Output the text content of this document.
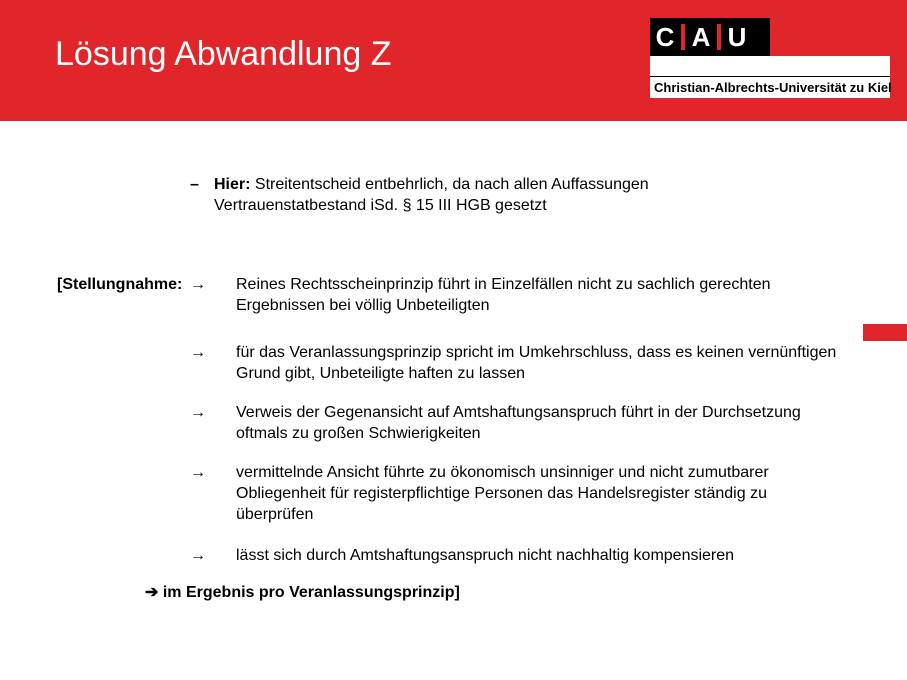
Lösung Abwandlung Z	C A U
Christian-Albrechts-Universität zu Kiel
– Hier: Streitentscheid entbehrlich, da nach allen Auffassungen Vertrauenstatbestand iSd. § 15 III HGB gesetzt
[Stellungnahme: → Reines Rechtsscheinprinzip führt in Einzelfällen nicht zu sachlich gerechten Ergebnissen bei völlig Unbeteiligten
→ für das Veranlassungsprinzip spricht im Umkehrschluss, dass es keinen vernünftigen Grund gibt, Unbeteiligte haften zu lassen
→ Verweis der Gegenansicht auf Amtshaftungsanspruch führt in der Durchsetzung oftmals zu großen Schwierigkeiten
→ vermittelnde Ansicht führte zu ökonomisch unsinniger und nicht zumutbarer Obliegenheit für registerpflichtige Personen das Handelsregister ständig zu überprüfen
→ lässt sich durch Amtshaftungsanspruch nicht nachhaltig kompensieren
➔ im Ergebnis pro Veranlassungsprinzip]
